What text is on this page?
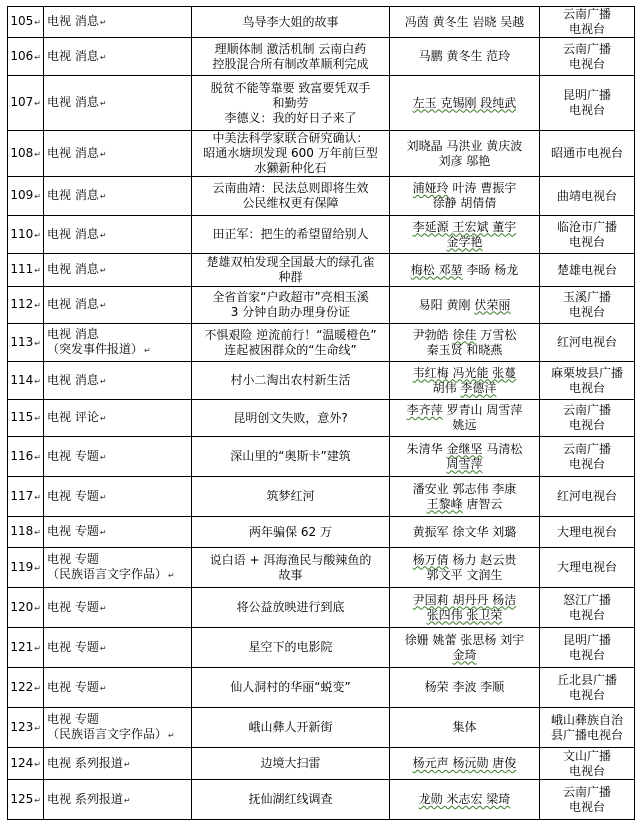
105↵	电视 消息↵	鸟导李大姐的故事	冯茵 黄冬生 岩晓 吴越	云南广播
电视台

106↵	电视 消息↵	理顺体制 激活机制 云南白药
控股混合所有制改革顺利完成	马鹏 黄冬生 范玲	云南广播
电视台

107↵	电视 消息↵	脱贫不能等靠要 致富要凭双手
和勤劳
李德义：我的好日子来了	左玉 克锡刚 段纯武	昆明广播
电视台

108↵	电视 消息↵	中美法科学家联合研究确认：
昭通水塘坝发现 600 万年前巨型
水獭新种化石	刘晓晶 马洪业 黄庆波
刘彦 邬艳	昭通市电视台

109↵	电视 消息↵	云南曲靖：民法总则即将生效
公民维权更有保障	浦娅玲 叶涛 曹振宇
徐静 胡倩倩	曲靖电视台

110↵	电视 消息↵	田正军：把生的希望留给别人	李延源 王宏斌 董宇
金学艳	临沧市广播
电视台

111↵	电视 消息↵	楚雄双柏发现全国最大的绿孔雀
种群	梅松 邓堃 李旸 杨龙	楚雄电视台

112↵	电视 消息↵	全省首家“户政超市”亮相玉溪
3 分钟自助办理身份证	易阳 黄刚 伏荣丽	玉溪广播
电视台

113↵	电视 消息
（突发事件报道）↵	不惧艰险 逆流前行！“温暖橙色”
连起被困群众的“生命线”	尹勃皓 徐佳 万雪松
秦玉贤 和晓燕	红河电视台

114↵	电视 消息↵	村小二淘出农村新生活	韦红梅 冯光能 张蔓
胡伟 李德洋	麻栗坡县广播
电视台

115↵	电视 评论↵	昆明创文失败，意外?	李齐萍 罗青山 周雪萍
姚远	云南广播
电视台

116↵	电视 专题↵	深山里的“奥斯卡”建筑	朱清华 金继坚 马清松
周雪萍	云南广播
电视台

117↵	电视 专题↵	筑梦红河	潘安业 郭志伟 李康
王黎峰 唐智云	红河电视台

118↵	电视 专题↵	两年骗保 62 万	黄振军 徐文华 刘璐	大理电视台

119↵	电视 专题
（民族语言文字作品）↵	说白语 + 洱海渔民与酸辣鱼的
故事	杨万倩 杨力 赵云贵
郭文平 文润生	大理电视台

120↵	电视 专题↵	将公益放映进行到底	尹国莉 胡丹丹 杨洁
张四伟 张卫荣	怒江广播
电视台

121↵	电视 专题↵	星空下的电影院	徐姗 姚蕾 张思杨 刘宇
金琦	昆明广播
电视台

122↵	电视 专题↵	仙人洞村的华丽“蜕变”	杨荣 李波 李顺	丘北县广播
电视台

123↵	电视 专题
（民族语言文字作品）↵	峨山彝人开新街	集体	峨山彝族自治
县广播电视台

124↵	电视 系列报道↵	边境大扫雷	杨元声 杨沅勋 唐俊	文山广播
电视台

125↵	电视 系列报道↵	抚仙湖红线调查	龙勋 米志宏 梁琦	云南广播
电视台
